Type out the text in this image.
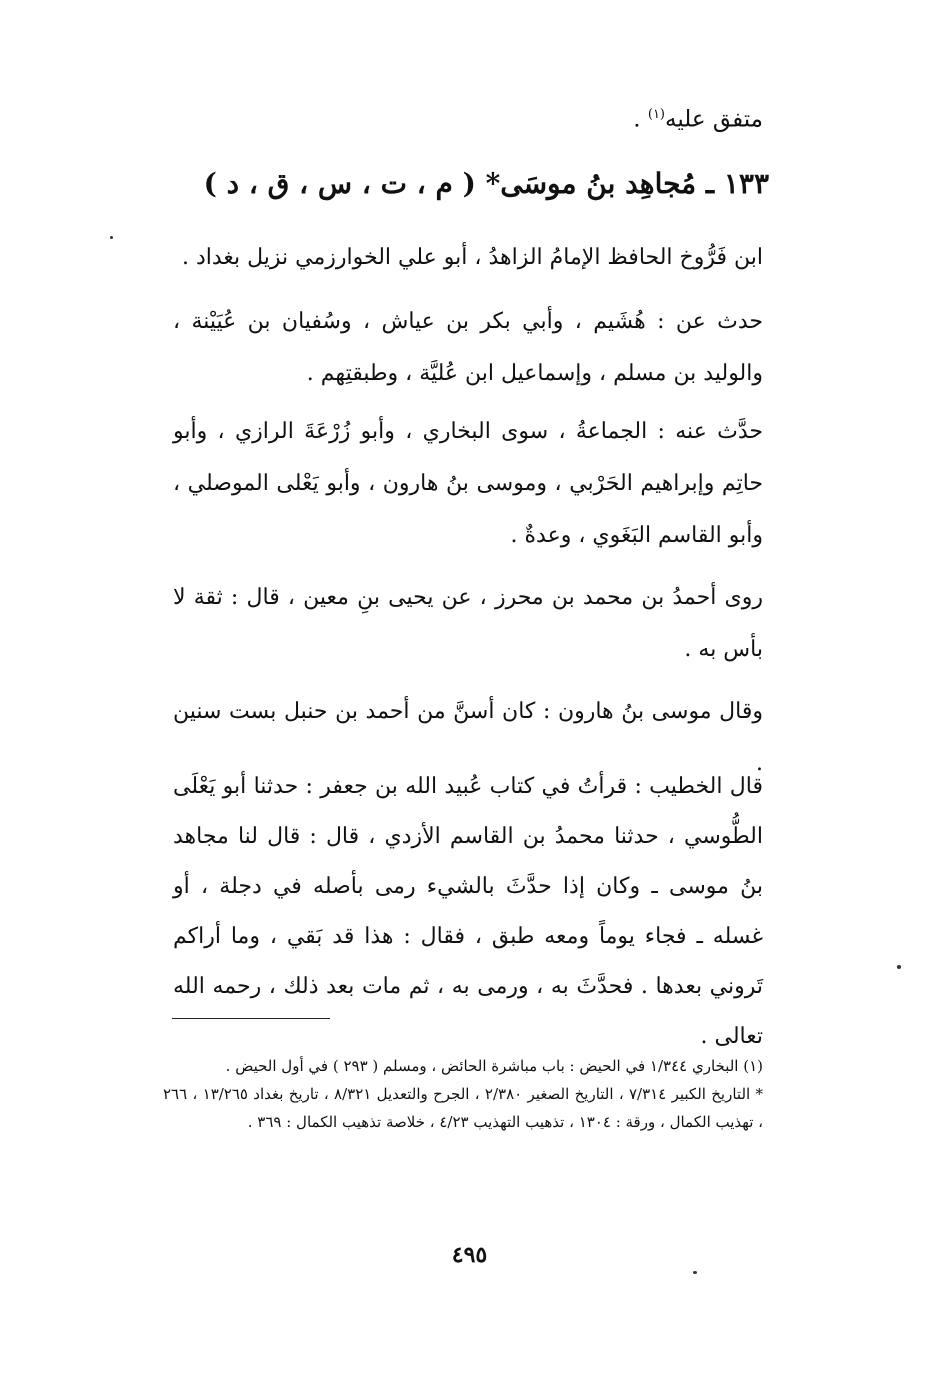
متفق عليه$^{(١)}$ .
١٣٣ ـ مُجاهِد بنُ موسَى* ( م ، ت ، س ، ق ، د )
ابن فَرُّوخ الحافظ الإمامُ الزاهدُ ، أبو علي الخوارزمي نزيل بغداد .
حدث عن : هُشَيم ، وأبي بكر بن عياش ، وسُفيان بن عُيَيْنة ، والوليد بن مسلم ، وإسماعيل ابن عُليَّة ، وطبقتِهم .
حدَّث عنه : الجماعةُ ، سوى البخاري ، وأبو زُرْعَةَ الرازي ، وأبو حاتِم وإبراهيم الحَرْبي ، وموسى بنُ هارون ، وأبو يَعْلى الموصلي ، وأبو القاسم البَغَوي ، وعدةٌ .
روى أحمدُ بن محمد بن محرز ، عن يحيى بنِ معين ، قال : ثقة لا بأس به .
وقال موسى بنُ هارون : كان أسنَّ من أحمد بن حنبل بست سنين .
قال الخطيب : قرأتُ في كتاب عُبيد الله بن جعفر : حدثنا أبو يَعْلَى الطُّوسي ، حدثنا محمدُ بن القاسم الأزدي ، قال : قال لنا مجاهد بنُ موسى ـ وكان إذا حدَّثَ بالشيء رمى بأصله في دجلة ، أو غسله ـ فجاء يوماً ومعه طبق ، فقال : هذا قد بَقي ، وما أراكم تَروني بعدها . فحدَّثَ به ، ورمى به ، ثم مات بعد ذلك ، رحمه الله تعالى .
(١) البخاري ١/٣٤٤ في الحيض : باب مباشرة الحائض ، ومسلم ( ٢٩٣ ) في أول الحيض .
* التاريخ الكبير ٧/٣١٤ ، التاريخ الصغير ٢/٣٨٠ ، الجرح والتعديل ٨/٣٢١ ، تاريخ بغداد ١٣/٢٦٥ ، ٢٦٦ ، تهذيب الكمال ، ورقة : ١٣٠٤ ، تذهيب التهذيب ٤/٢٣ ، خلاصة تذهيب الكمال : ٣٦٩ .
٤٩٥
